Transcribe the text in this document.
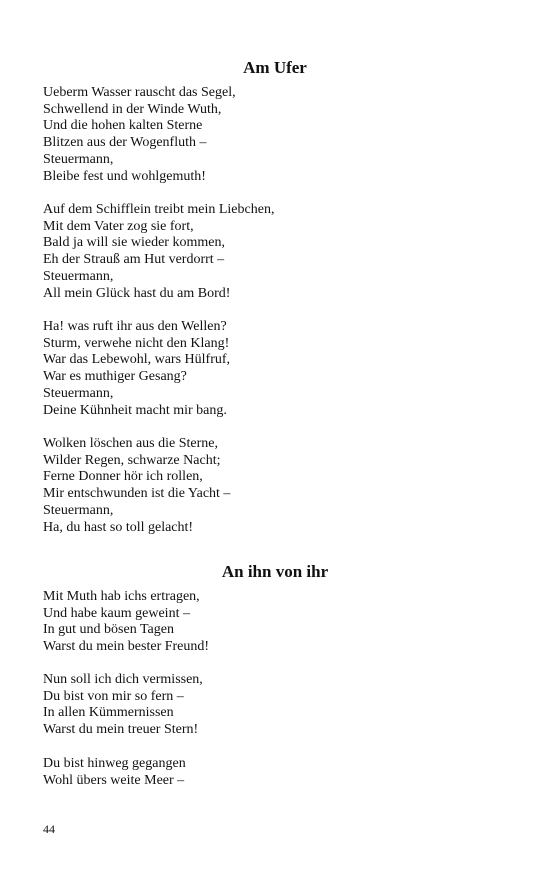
Am Ufer
Ueberm Wasser rauscht das Segel,
Schwellend in der Winde Wuth,
Und die hohen kalten Sterne
Blitzen aus der Wogenfluth –
Steuermann,
Bleibe fest und wohlgemuth!
Auf dem Schifflein treibt mein Liebchen,
Mit dem Vater zog sie fort,
Bald ja will sie wieder kommen,
Eh der Strauß am Hut verdorrt –
Steuermann,
All mein Glück hast du am Bord!
Ha! was ruft ihr aus den Wellen?
Sturm, verwehe nicht den Klang!
War das Lebewohl, wars Hülfruf,
War es muthiger Gesang?
Steuermann,
Deine Kühnheit macht mir bang.
Wolken löschen aus die Sterne,
Wilder Regen, schwarze Nacht;
Ferne Donner hör ich rollen,
Mir entschwunden ist die Yacht –
Steuermann,
Ha, du hast so toll gelacht!
An ihn von ihr
Mit Muth hab ichs ertragen,
Und habe kaum geweint –
In gut und bösen Tagen
Warst du mein bester Freund!
Nun soll ich dich vermissen,
Du bist von mir so fern –
In allen Kümmernissen
Warst du mein treuer Stern!
Du bist hinweg gegangen
Wohl übers weite Meer –
44
